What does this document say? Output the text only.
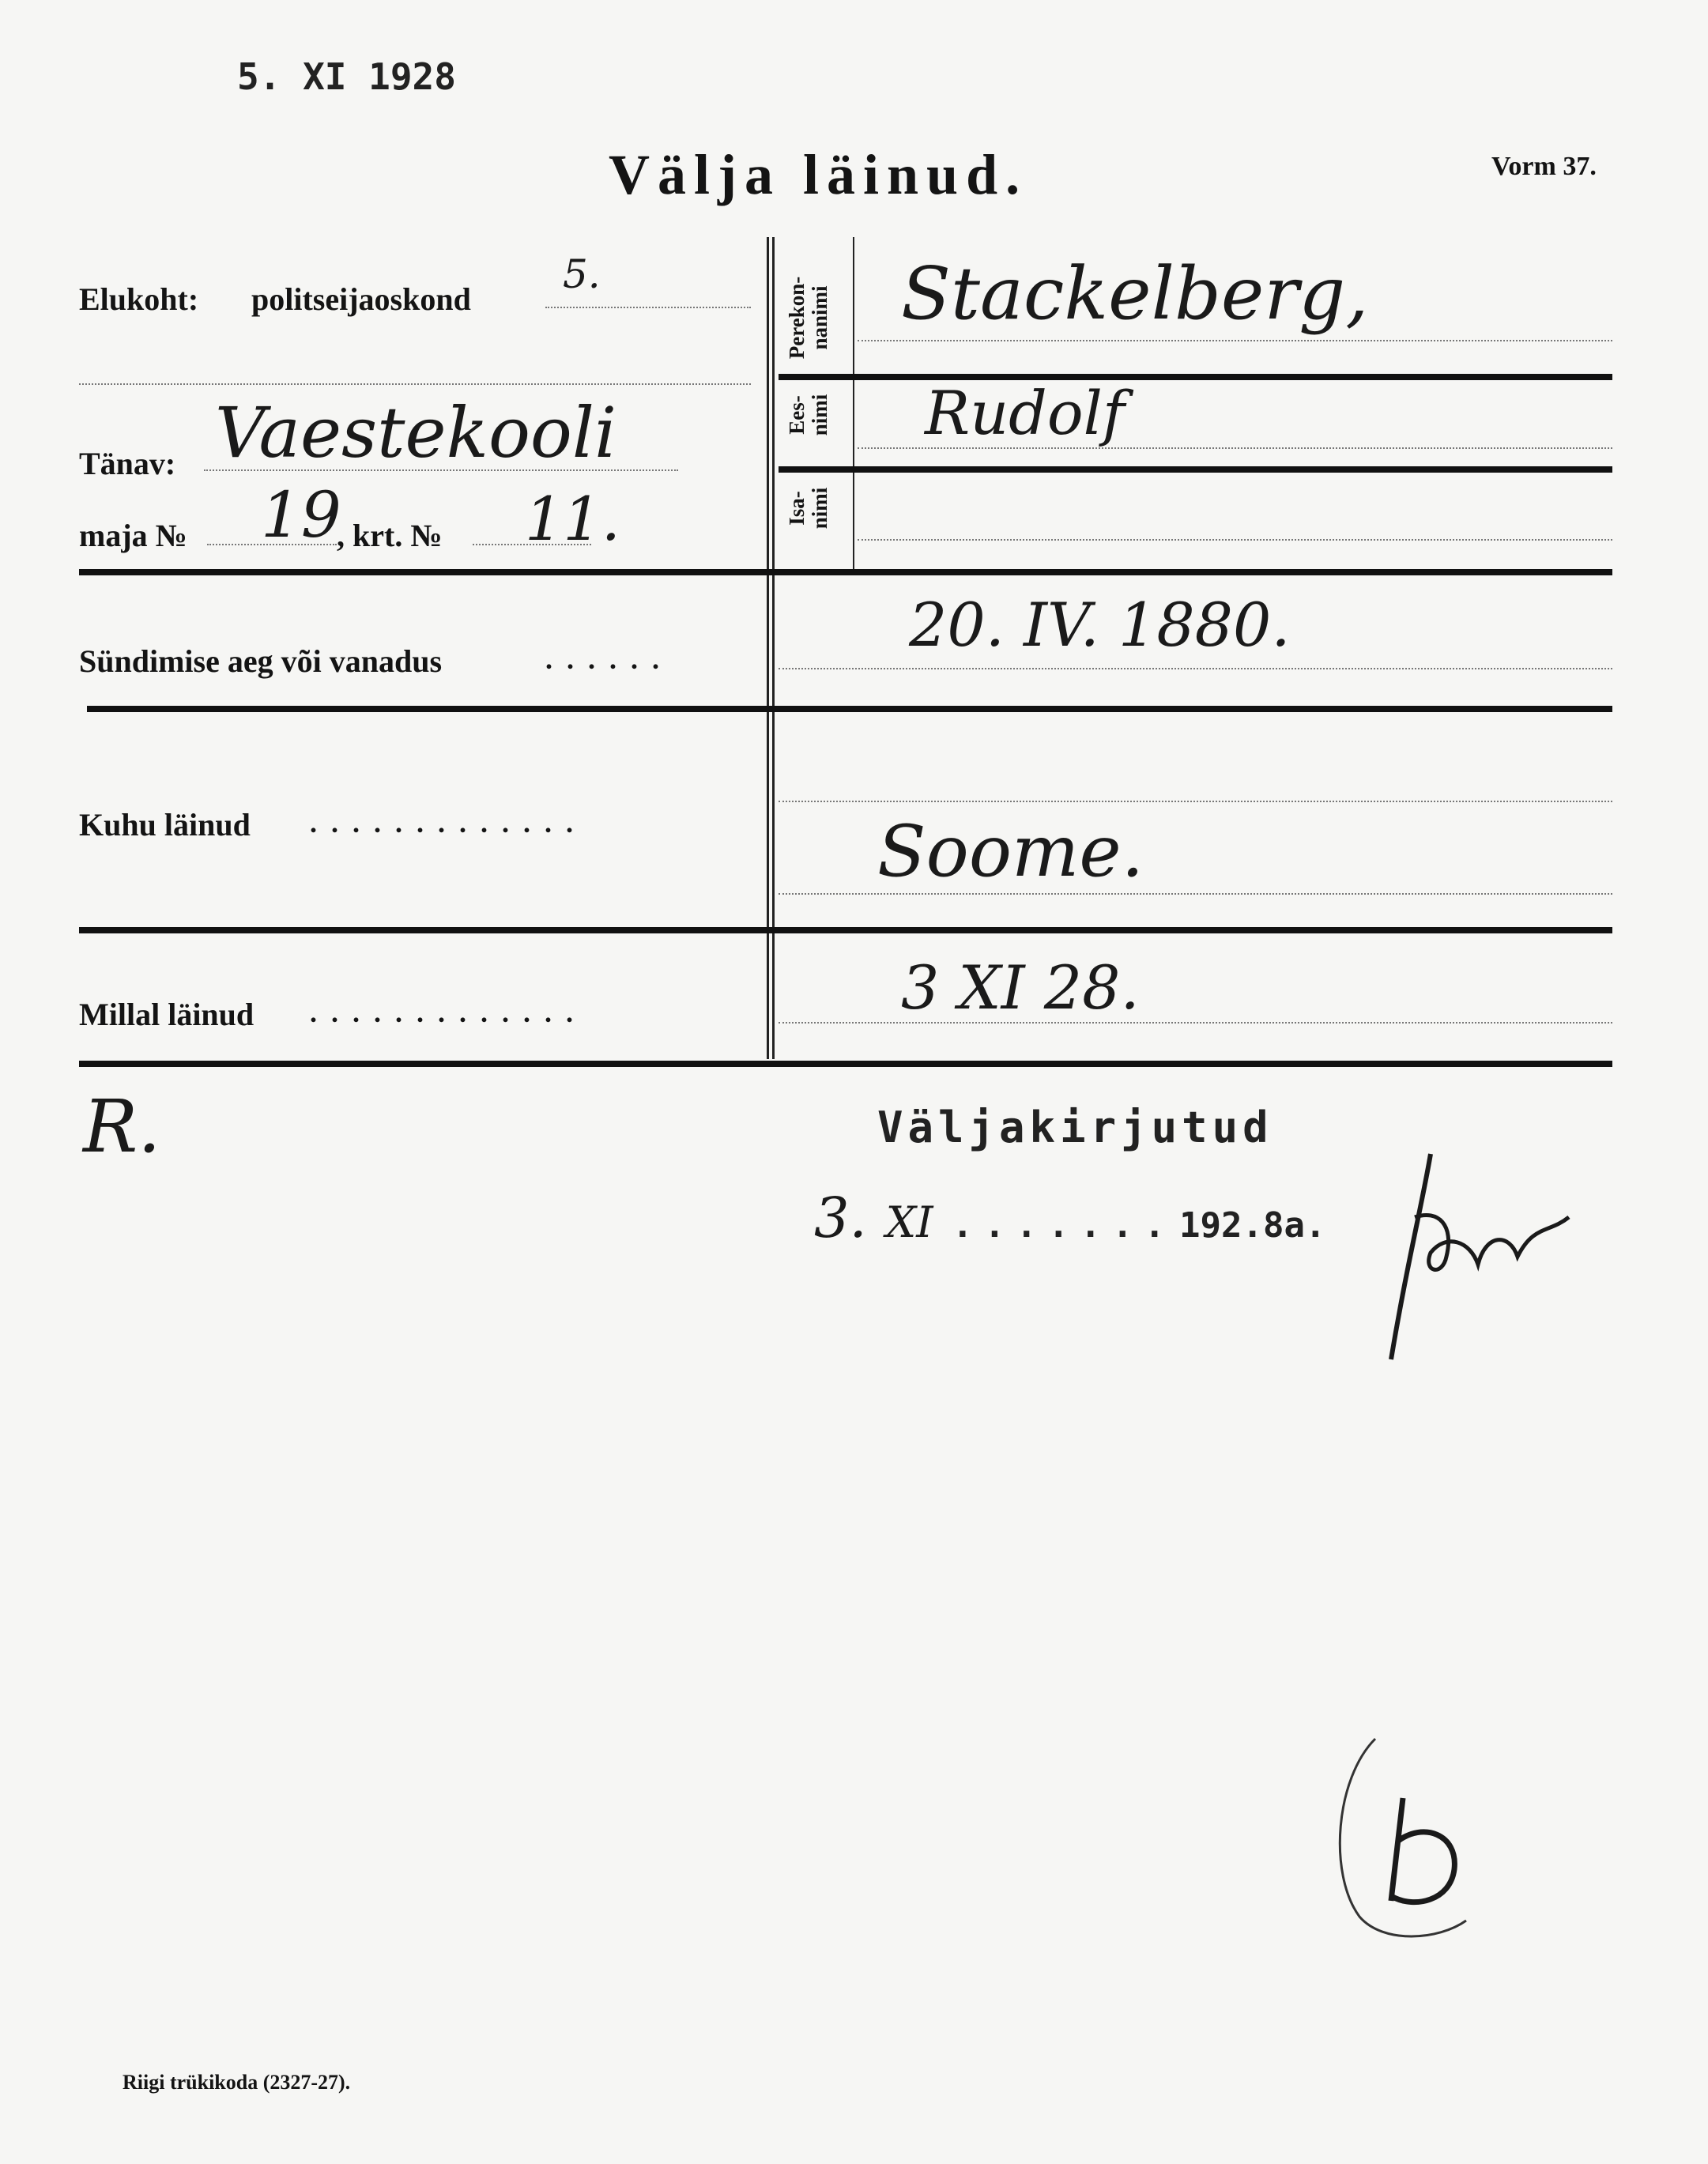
5. XI 1928
Välja läinud.	Vorm 37.
Elukoht: politseijaoskond
5.
Tänav: Vaestekooli
maja № 19
, krt. № 11.
Perekon- nanimi Stackelberg,
Ees- nimi Rudolf
Isa- nimi
Sündimise aeg või vanadus	......	20. IV. 1880.
Kuhu läinud .............	Soome.
Millal läinud .............	3 XI 28.
R.	Väljakirjutud
3. XI ....... 192.8a.
Riigi trükikoda (2327-27).
